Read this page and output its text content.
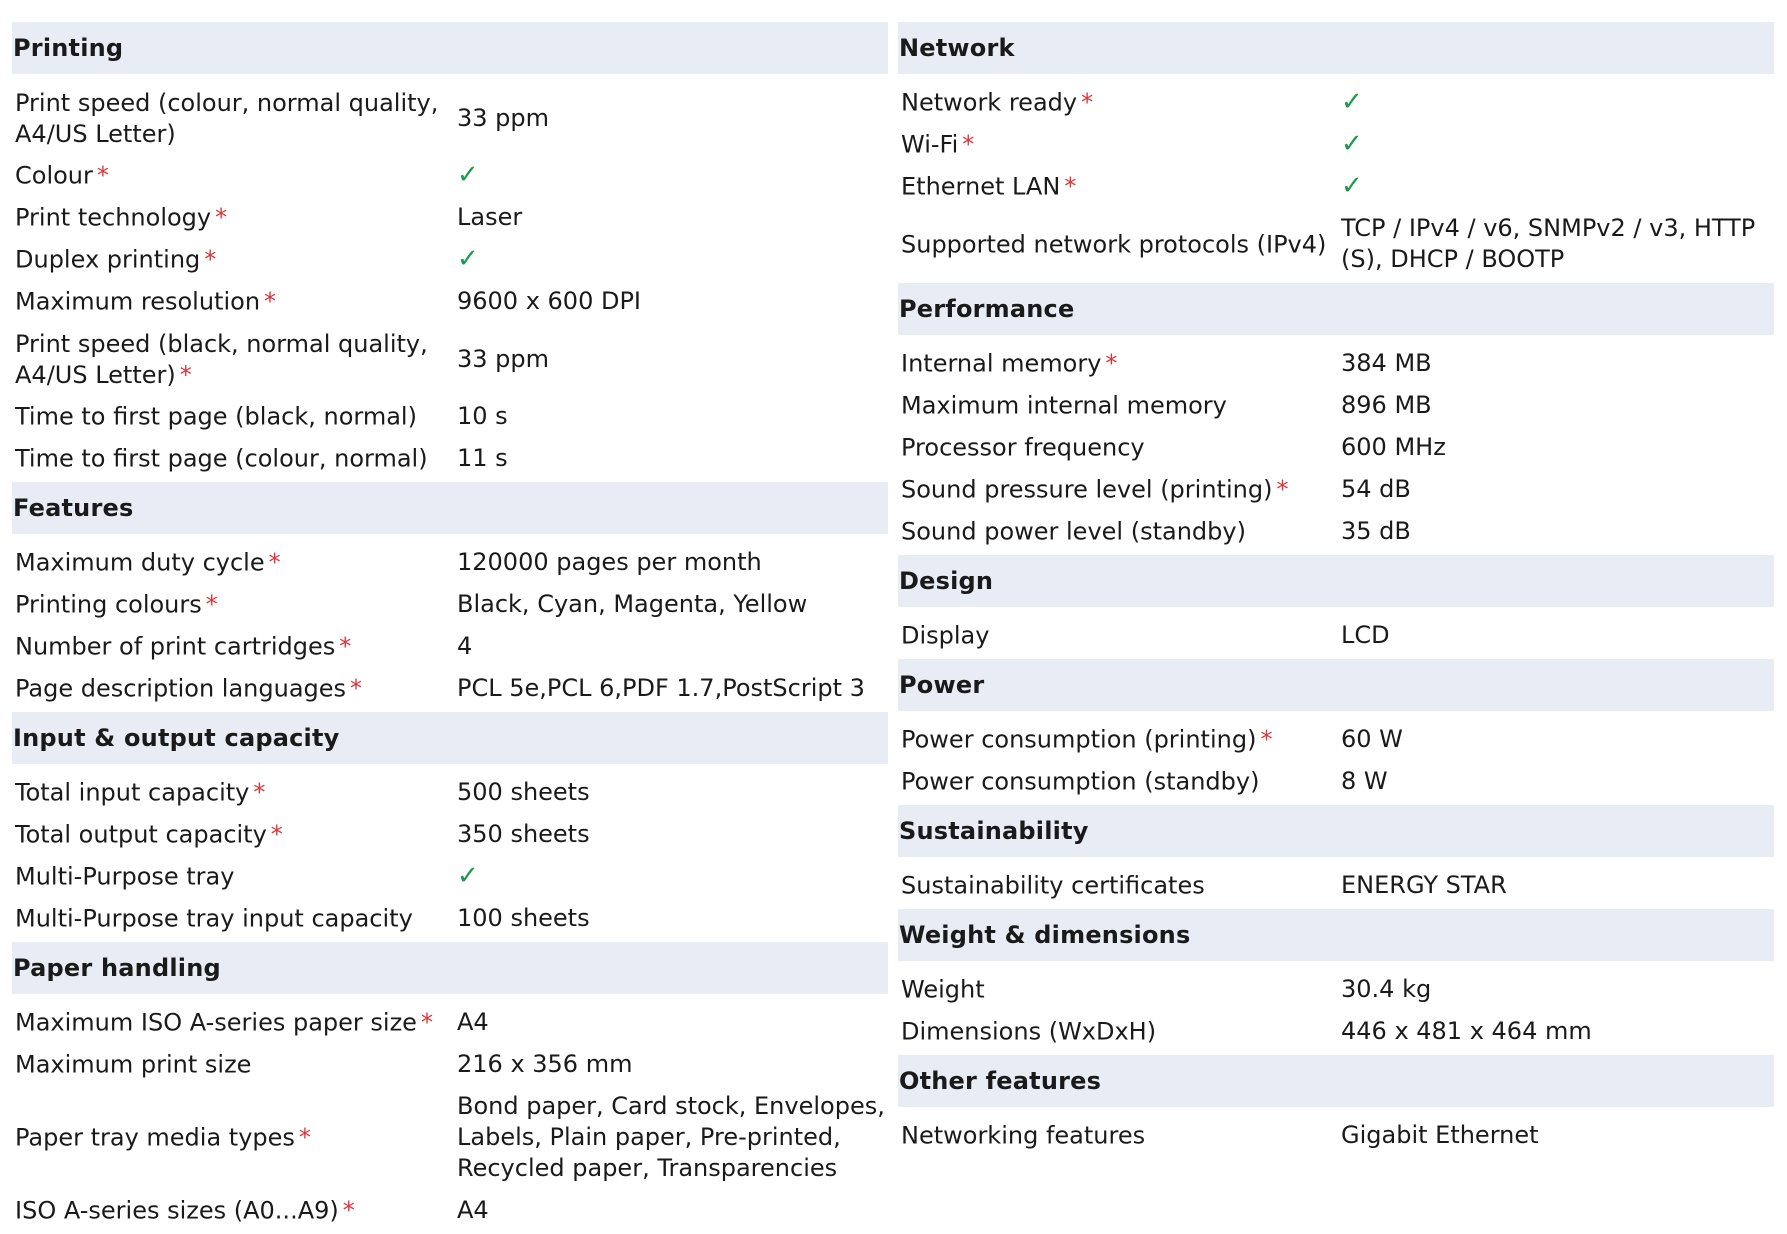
Printing
33 ppm
Print speed (colour, normal quality, A4/US Letter)
✓
Colour *
Laser
Print technology *
✓
Duplex printing *
9600 x 600 DPI
Maximum resolution *
33 ppm
Print speed (black, normal quality, A4/US Letter) *
10 s
Time to first page (black, normal)
11 s
Time to first page (colour, normal)
Features
120000 pages per month
Maximum duty cycle *
Black, Cyan, Magenta, Yellow
Printing colours *
4
Number of print cartridges *
PCL 5e,PCL 6,PDF 1.7,PostScript 3
Page description languages *
Input & output capacity
500 sheets
Total input capacity *
350 sheets
Total output capacity *
✓
Multi-Purpose tray
100 sheets
Multi-Purpose tray input capacity
Paper handling
A4
Maximum ISO A-series paper size *
216 x 356 mm
Maximum print size
Bond paper, Card stock, Envelopes, Labels, Plain paper, Pre-printed, Recycled paper, Transparencies
Paper tray media types *
A4
ISO A-series sizes (A0...A9) *
Network
✓
Network ready *
✓
Wi-Fi *
✓
Ethernet LAN *
TCP / IPv4 / v6, SNMPv2 / v3, HTTP (S), DHCP / BOOTP
Supported network protocols (IPv4)
Performance
384 MB
Internal memory *
896 MB
Maximum internal memory
600 MHz
Processor frequency
54 dB
Sound pressure level (printing) *
35 dB
Sound power level (standby)
Design
LCD
Display
Power
60 W
Power consumption (printing) *
8 W
Power consumption (standby)
Sustainability
ENERGY STAR
Sustainability certificates
Weight & dimensions
30.4 kg
Weight
446 x 481 x 464 mm
Dimensions (WxDxH)
Other features
Gigabit Ethernet
Networking features
